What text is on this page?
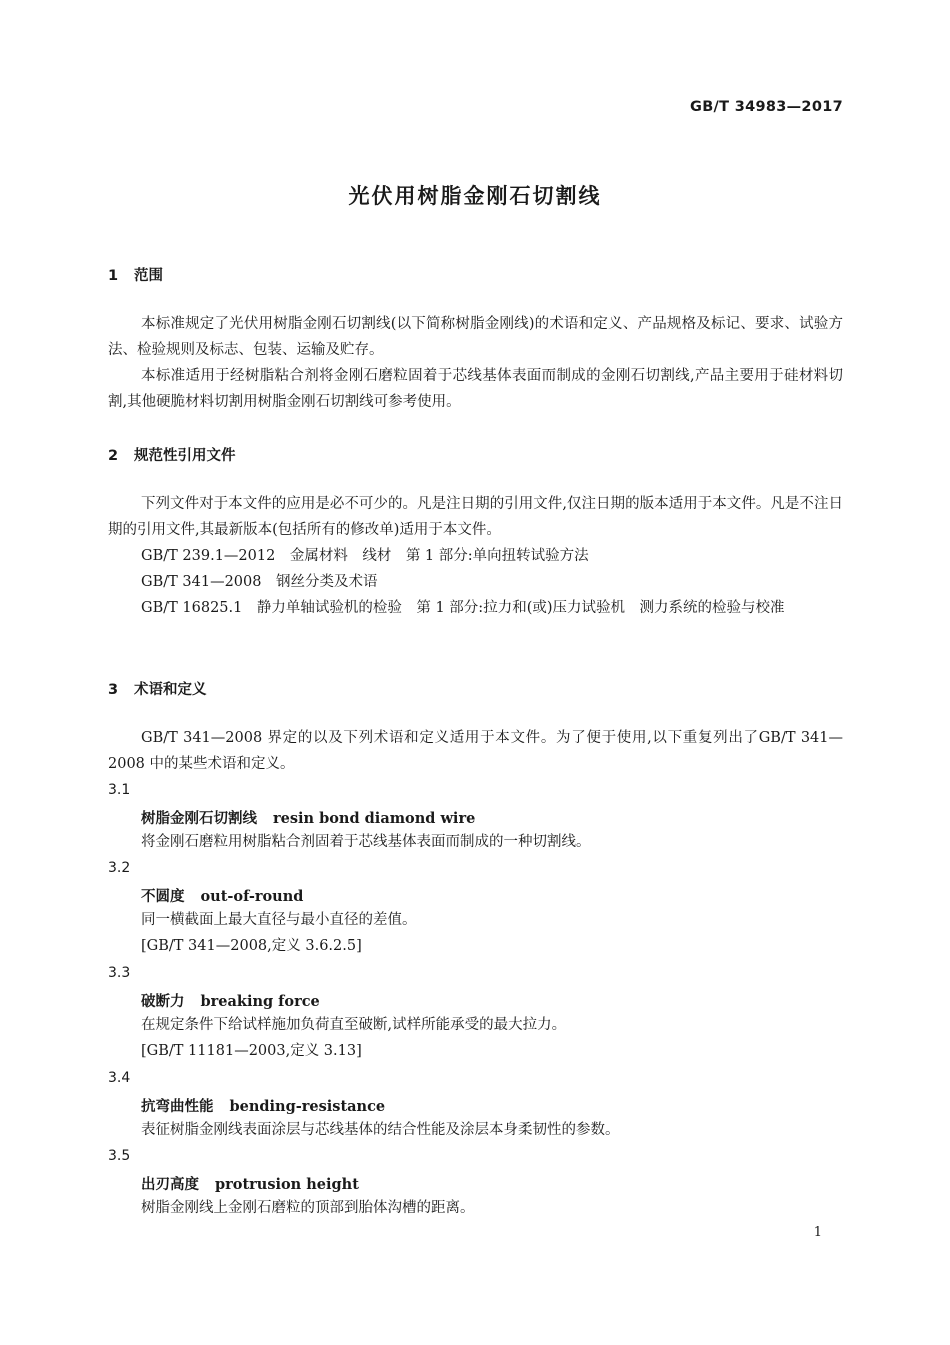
GB/T 34983—2017
光伏用树脂金刚石切割线
1 范围
本标准规定了光伏用树脂金刚石切割线(以下简称树脂金刚线)的术语和定义、产品规格及标记、要求、试验方法、检验规则及标志、包装、运输及贮存。
本标准适用于经树脂粘合剂将金刚石磨粒固着于芯线基体表面而制成的金刚石切割线,产品主要用于硅材料切割,其他硬脆材料切割用树脂金刚石切割线可参考使用。
2 规范性引用文件
下列文件对于本文件的应用是必不可少的。凡是注日期的引用文件,仅注日期的版本适用于本文件。凡是不注日期的引用文件,其最新版本(包括所有的修改单)适用于本文件。
GB/T 239.1—2012　金属材料　线材　第 1 部分:单向扭转试验方法
GB/T 341—2008　钢丝分类及术语
GB/T 16825.1　静力单轴试验机的检验　第 1 部分:拉力和(或)压力试验机　测力系统的检验与校准
3 术语和定义
GB/T 341—2008 界定的以及下列术语和定义适用于本文件。为了便于使用,以下重复列出了GB/T 341—2008 中的某些术语和定义。
3.1
树脂金刚石切割线 resin bond diamond wire
将金刚石磨粒用树脂粘合剂固着于芯线基体表面而制成的一种切割线。
3.2
不圆度 out-of-round
同一横截面上最大直径与最小直径的差值。
[GB/T 341—2008,定义 3.6.2.5]
3.3
破断力 breaking force
在规定条件下给试样施加负荷直至破断,试样所能承受的最大拉力。
[GB/T 11181—2003,定义 3.13]
3.4
抗弯曲性能 bending-resistance
表征树脂金刚线表面涂层与芯线基体的结合性能及涂层本身柔韧性的参数。
3.5
出刃高度 protrusion height
树脂金刚线上金刚石磨粒的顶部到胎体沟槽的距离。
1
